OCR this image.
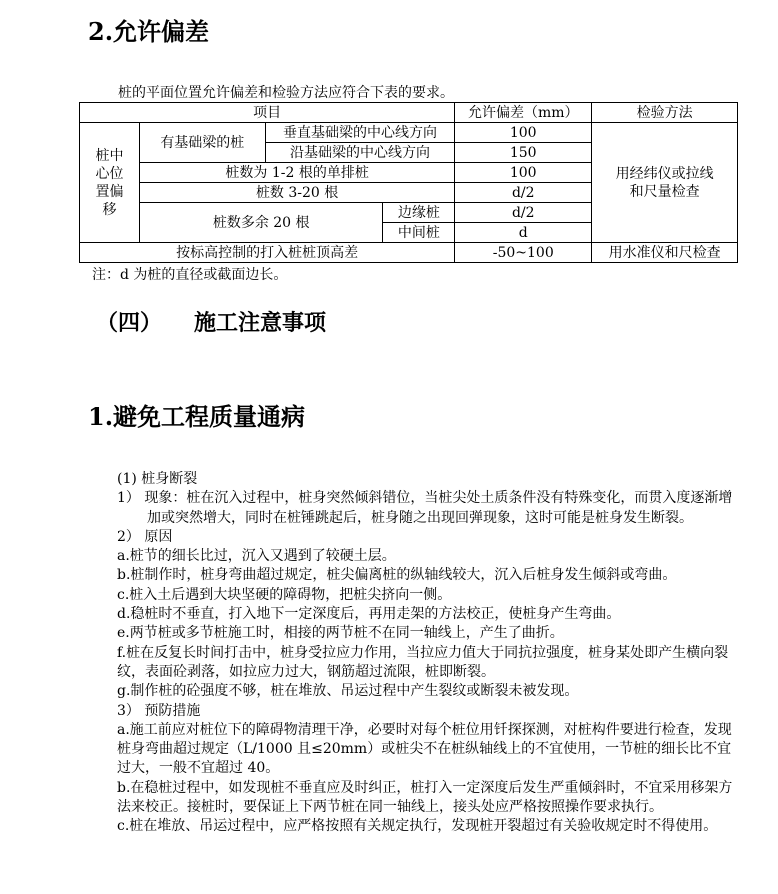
2.允许偏差
桩的平面位置允许偏差和检验方法应符合下表的要求。
项目				允许偏差（mm）	检验方法
桩中心位置偏移	有基础梁的桩	垂直基础梁的中心线方向		100	用经纬仪或拉线和尺量检查
		沿基础梁的中心线方向		150	
	桩数为 1-2 根的单排桩			100	
	桩数 3-20 根			d/2	
	桩数多余 20 根		边缘桩	d/2	
			中间桩	d	
按标高控制的打入桩桩顶高差				-50~100	用水准仪和尺检查
注：d 为桩的直径或截面边长。
（四） 施工注意事项
1.避免工程质量通病
(1) 桩身断裂
1） 现象：桩在沉入过程中，桩身突然倾斜错位，当桩尖处土质条件没有特殊变化，而贯入度逐渐增加或突然增大，同时在桩锤跳起后，桩身随之出现回弹现象，这时可能是桩身发生断裂。
2） 原因
a.桩节的细长比过，沉入又遇到了较硬土层。
b.桩制作时，桩身弯曲超过规定，桩尖偏离桩的纵轴线较大，沉入后桩身发生倾斜或弯曲。
c.桩入土后遇到大块坚硬的障碍物，把桩尖挤向一侧。
d.稳桩时不垂直，打入地下一定深度后，再用走架的方法校正，使桩身产生弯曲。
e.两节桩或多节桩施工时，相接的两节桩不在同一轴线上，产生了曲折。
f.桩在反复长时间打击中，桩身受拉应力作用，当拉应力值大于同抗拉强度，桩身某处即产生横向裂纹，表面砼剥落，如拉应力过大，钢筋超过流限，桩即断裂。
g.制作桩的砼强度不够，桩在堆放、吊运过程中产生裂纹或断裂未被发现。
3） 预防措施
a.施工前应对桩位下的障碍物清理干净，必要时对每个桩位用钎探探测，对桩构件要进行检查，发现桩身弯曲超过规定（L/1000 且≤20mm）或桩尖不在桩纵轴线上的不宜使用，一节桩的细长比不宜过大，一般不宜超过 40。
b.在稳桩过程中，如发现桩不垂直应及时纠正，桩打入一定深度后发生严重倾斜时，不宜采用移架方法来校正。接桩时，要保证上下两节桩在同一轴线上，接头处应严格按照操作要求执行。
c.桩在堆放、吊运过程中，应严格按照有关规定执行，发现桩开裂超过有关验收规定时不得使用。
